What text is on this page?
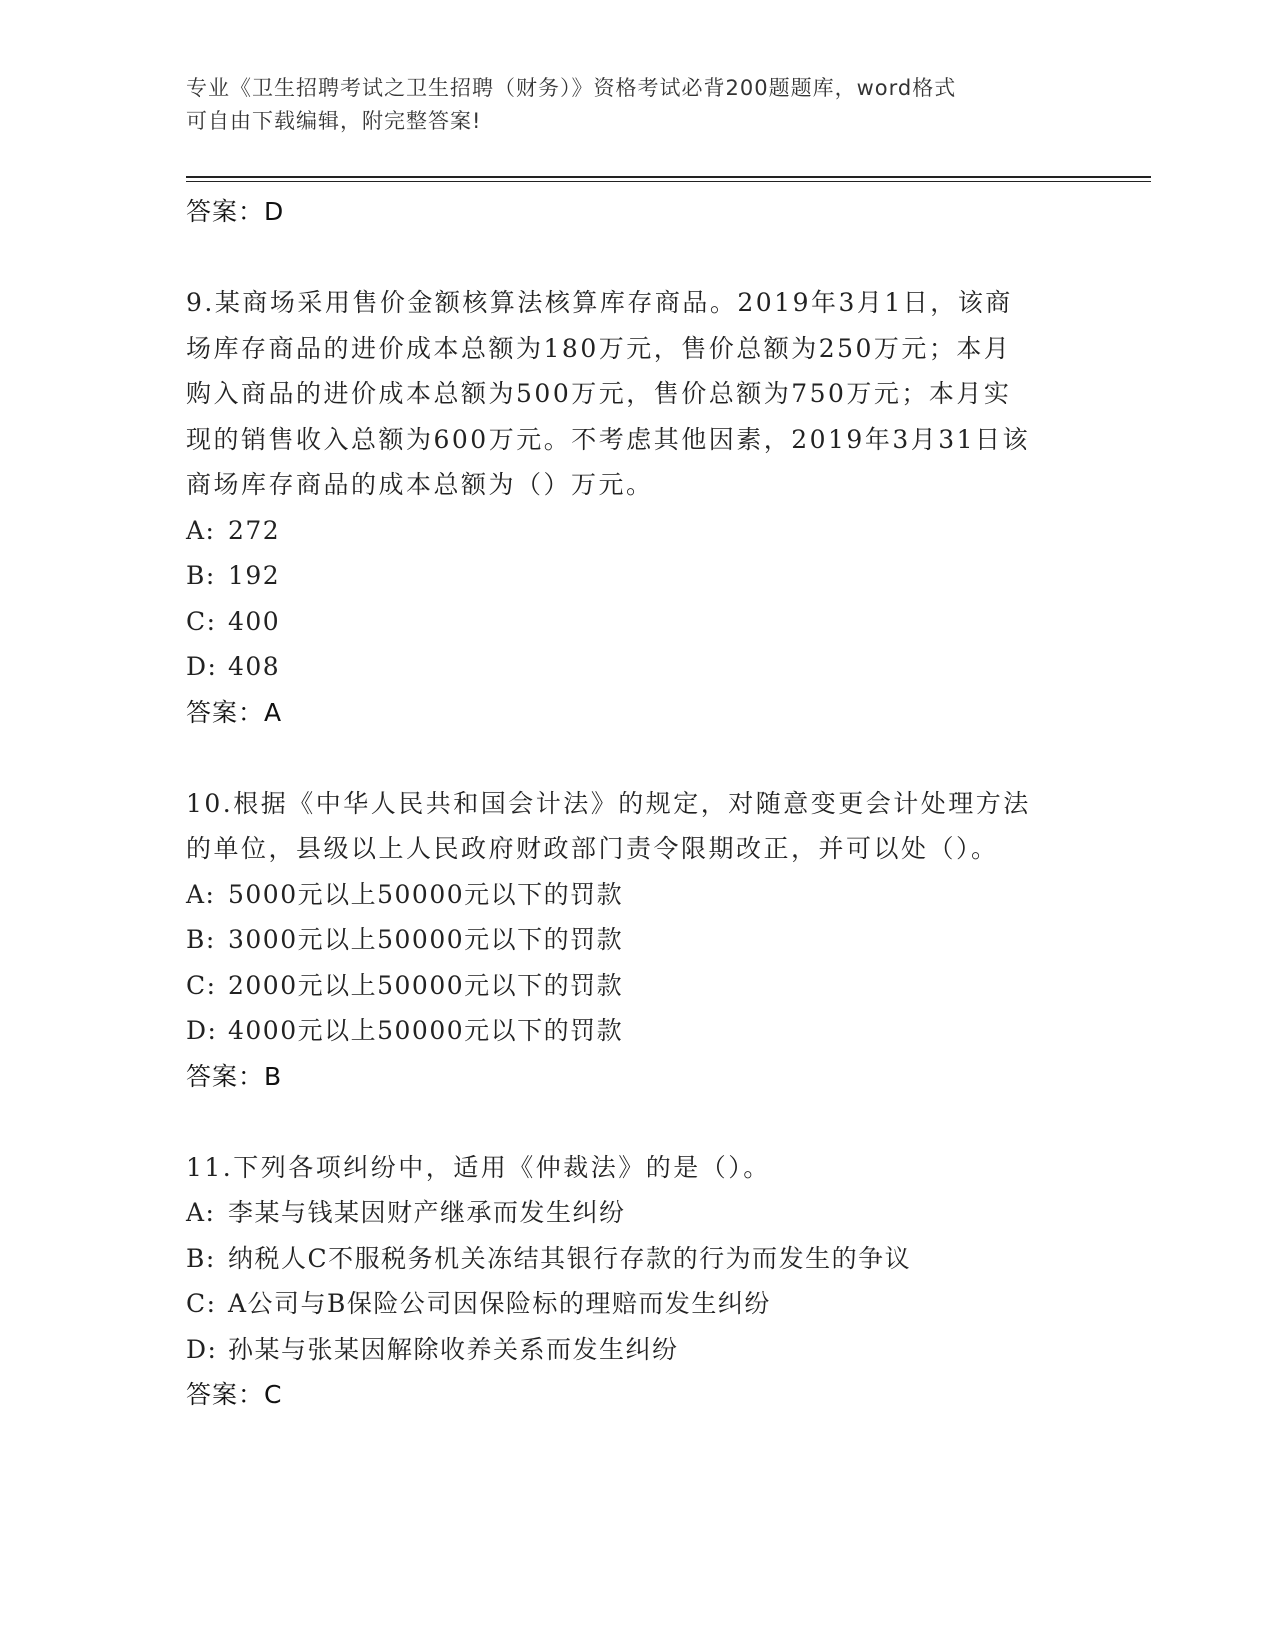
专业《卫生招聘考试之卫生招聘（财务）》资格考试必背200题题库，word格式
可自由下载编辑，附完整答案!
答案：D

9.某商场采用售价金额核算法核算库存商品。2019年3月1日，该商
场库存商品的进价成本总额为180万元，售价总额为250万元；本月
购入商品的进价成本总额为500万元，售价总额为750万元；本月实
现的销售收入总额为600万元。不考虑其他因素，2019年3月31日该
商场库存商品的成本总额为（）万元。

A: 272
B: 192
C: 400
D: 408
答案：A

10.根据《中华人民共和国会计法》的规定，对随意变更会计处理方法
的单位，县级以上人民政府财政部门责令限期改正，并可以处（）。

A: 5000元以上50000元以下的罚款
B: 3000元以上50000元以下的罚款
C: 2000元以上50000元以下的罚款
D: 4000元以上50000元以下的罚款
答案：B

11.下列各项纠纷中，适用《仲裁法》的是（）。

A: 李某与钱某因财产继承而发生纠纷
B: 纳税人C不服税务机关冻结其银行存款的行为而发生的争议
C: A公司与B保险公司因保险标的理赔而发生纠纷
D: 孙某与张某因解除收养关系而发生纠纷
答案：C
